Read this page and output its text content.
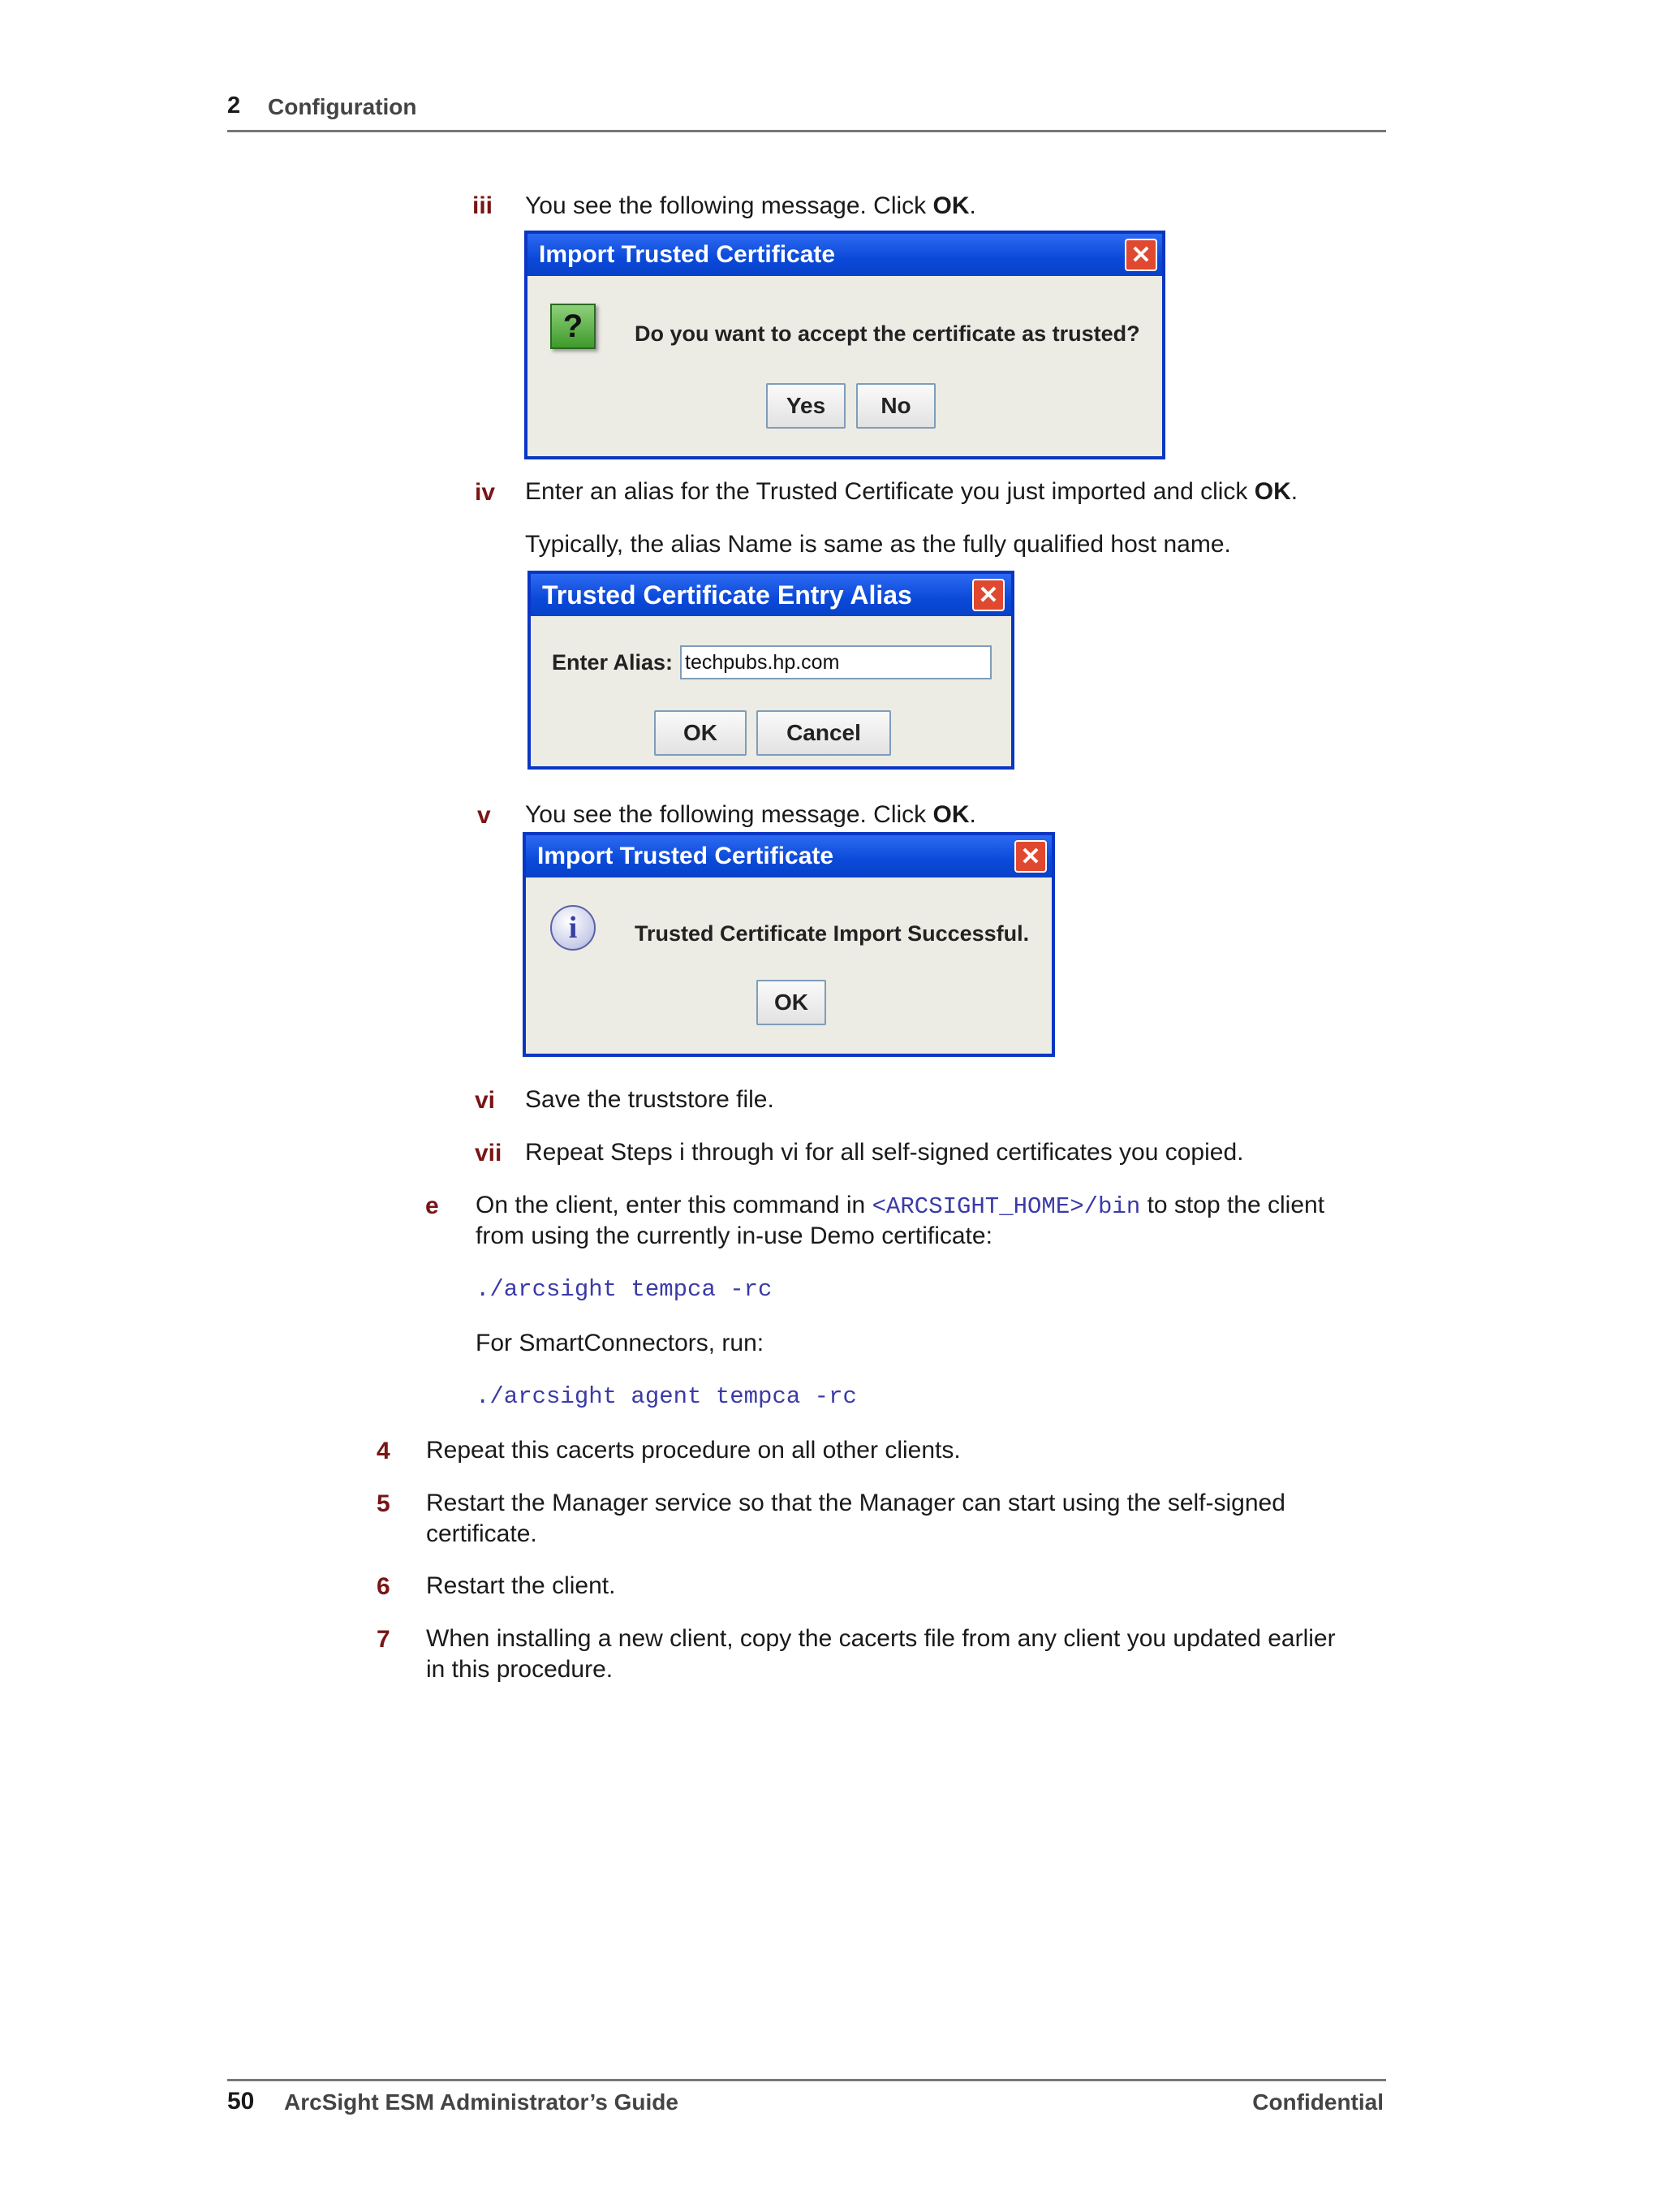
2 Configuration
iii You see the following message. Click OK.
Import Trusted Certificate	✕
?	Do you want to accept the certificate as trusted?
Yes	No
iv Enter an alias for the Trusted Certificate you just imported and click OK.
Typically, the alias Name is same as the fully qualified host name.
Trusted Certificate Entry Alias	✕
Enter Alias: techpubs.hp.com
OK	Cancel
v You see the following message. Click OK.
Import Trusted Certificate	✕
i	Trusted Certificate Import Successful.
OK
vi Save the truststore file.
vii Repeat Steps i through vi for all self-signed certificates you copied.
e On the client, enter this command in <ARCSIGHT_HOME>/bin to stop the client
from using the currently in-use Demo certificate:
./arcsight tempca -rc
For SmartConnectors, run:
./arcsight agent tempca -rc
4 Repeat this cacerts procedure on all other clients.
5 Restart the Manager service so that the Manager can start using the self-signed
certificate.
6 Restart the client.
7 When installing a new client, copy the cacerts file from any client you updated earlier
in this procedure.
50 ArcSight ESM Administrator’s Guide	Confidential
